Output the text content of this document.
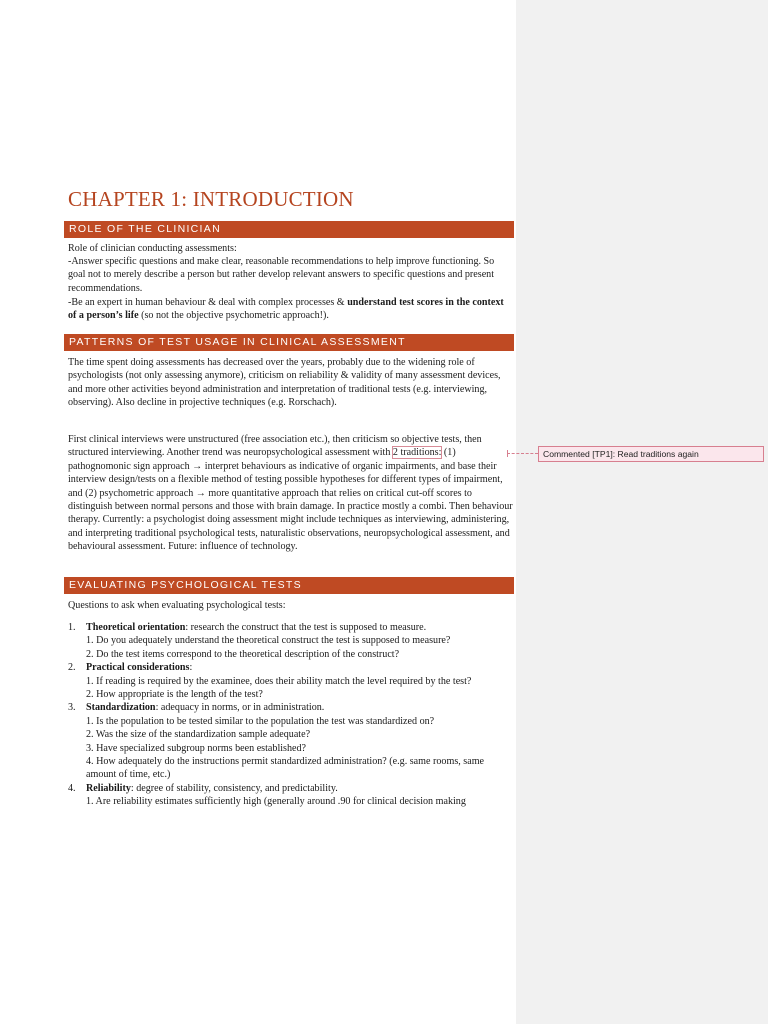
CHAPTER 1: INTRODUCTION
ROLE OF THE CLINICIAN

Role of clinician conducting assessments:

-Answer specific questions and make clear, reasonable recommendations to help improve functioning. So goal not to merely describe a person but rather develop relevant answers to specific questions and present recommendations.

-Be an expert in human behaviour & deal with complex processes & understand test scores in the context of a person’s life (so not the objective psychometric approach!).

PATTERNS OF TEST USAGE IN CLINICAL ASSESSMENT

The time spent doing assessments has decreased over the years, probably due to the widening role of psychologists (not only assessing anymore), criticism on reliability & validity of many assessment devices, and more other activities beyond administration and interpretation of traditional tests (e.g. interviewing, observing). Also decline in projective techniques (e.g. Rorschach).

First clinical interviews were unstructured (free association etc.), then criticism so objective tests, then structured interviewing. Another trend was neuropsychological assessment with 2 traditions: (1) pathognomonic sign approach → interpret behaviours as indicative of organic impairments, and base their interview design/tests on a flexible method of testing possible hypotheses for different types of impairment, and (2) psychometric approach → more quantitative approach that relies on critical cut-off scores to distinguish between normal persons and those with brain damage. In practice mostly a combi. Then behaviour therapy. Currently: a psychologist doing assessment might include techniques as interviewing, administering, and interpreting traditional psychological tests, naturalistic observations, neuropsychological assessment, and behavioural assessment. Future: influence of technology.

EVALUATING PSYCHOLOGICAL TESTS

Questions to ask when evaluating psychological tests:

1. Theoretical orientation: research the construct that the test is supposed to measure.
1. Do you adequately understand the theoretical construct the test is supposed to measure?
2. Do the test items correspond to the theoretical description of the construct?
2. Practical considerations:
1. If reading is required by the examinee, does their ability match the level required by the test?
2. How appropriate is the length of the test?
3. Standardization: adequacy in norms, or in administration.
1. Is the population to be tested similar to the population the test was standardized on?
2. Was the size of the standardization sample adequate?
3. Have specialized subgroup norms been established?
4. How adequately do the instructions permit standardized administration? (e.g. same rooms, same amount of time, etc.)
4. Reliability: degree of stability, consistency, and predictability.
1. Are reliability estimates sufficiently high (generally around .90 for clinical decision making
Commented [TP1]: Read traditions again
